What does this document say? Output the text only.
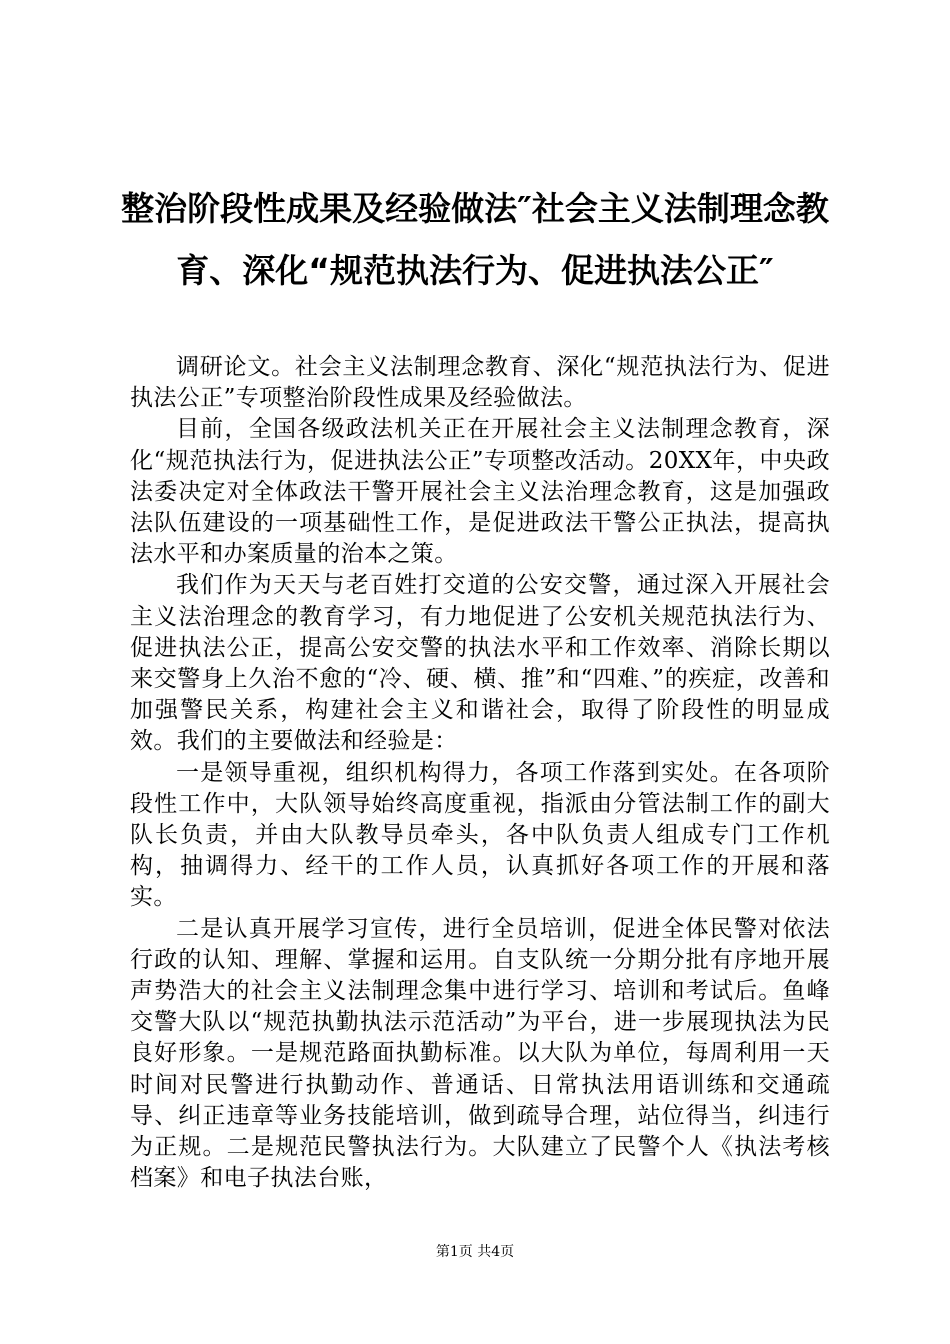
整治阶段性成果及经验做法″社会主义法制理念教育、深化“规范执法行为、促进执法公正″

调研论文。社会主义法制理念教育、深化“规范执法行为、促进执法公正”专项整治阶段性成果及经验做法。

目前，全国各级政法机关正在开展社会主义法制理念教育，深化“规范执法行为，促进执法公正”专项整改活动。20XX年，中央政法委决定对全体政法干警开展社会主义法治理念教育，这是加强政法队伍建设的一项基础性工作，是促进政法干警公正执法，提高执法水平和办案质量的治本之策。

我们作为天天与老百姓打交道的公安交警，通过深入开展社会主义法治理念的教育学习，有力地促进了公安机关规范执法行为、促进执法公正，提高公安交警的执法水平和工作效率、消除长期以来交警身上久治不愈的“冷、硬、横、推”和“四难、”的疾症，改善和加强警民关系，构建社会主义和谐社会，取得了阶段性的明显成效。我们的主要做法和经验是：

一是领导重视，组织机构得力，各项工作落到实处。在各项阶段性工作中，大队领导始终高度重视，指派由分管法制工作的副大队长负责，并由大队教导员牵头，各中队负责人组成专门工作机构，抽调得力、经干的工作人员，认真抓好各项工作的开展和落实。

二是认真开展学习宣传，进行全员培训，促进全体民警对依法行政的认知、理解、掌握和运用。自支队统一分期分批有序地开展声势浩大的社会主义法制理念集中进行学习、培训和考试后。鱼峰交警大队以“规范执勤执法示范活动”为平台，进一步展现执法为民良好形象。一是规范路面执勤标准。以大队为单位，每周利用一天时间对民警进行执勤动作、普通话、日常执法用语训练和交通疏导、纠正违章等业务技能培训，做到疏导合理，站位得当，纠违行为正规。二是规范民警执法行为。大队建立了民警个人《执法考核档案》和电子执法台账，

第1页 共4页
